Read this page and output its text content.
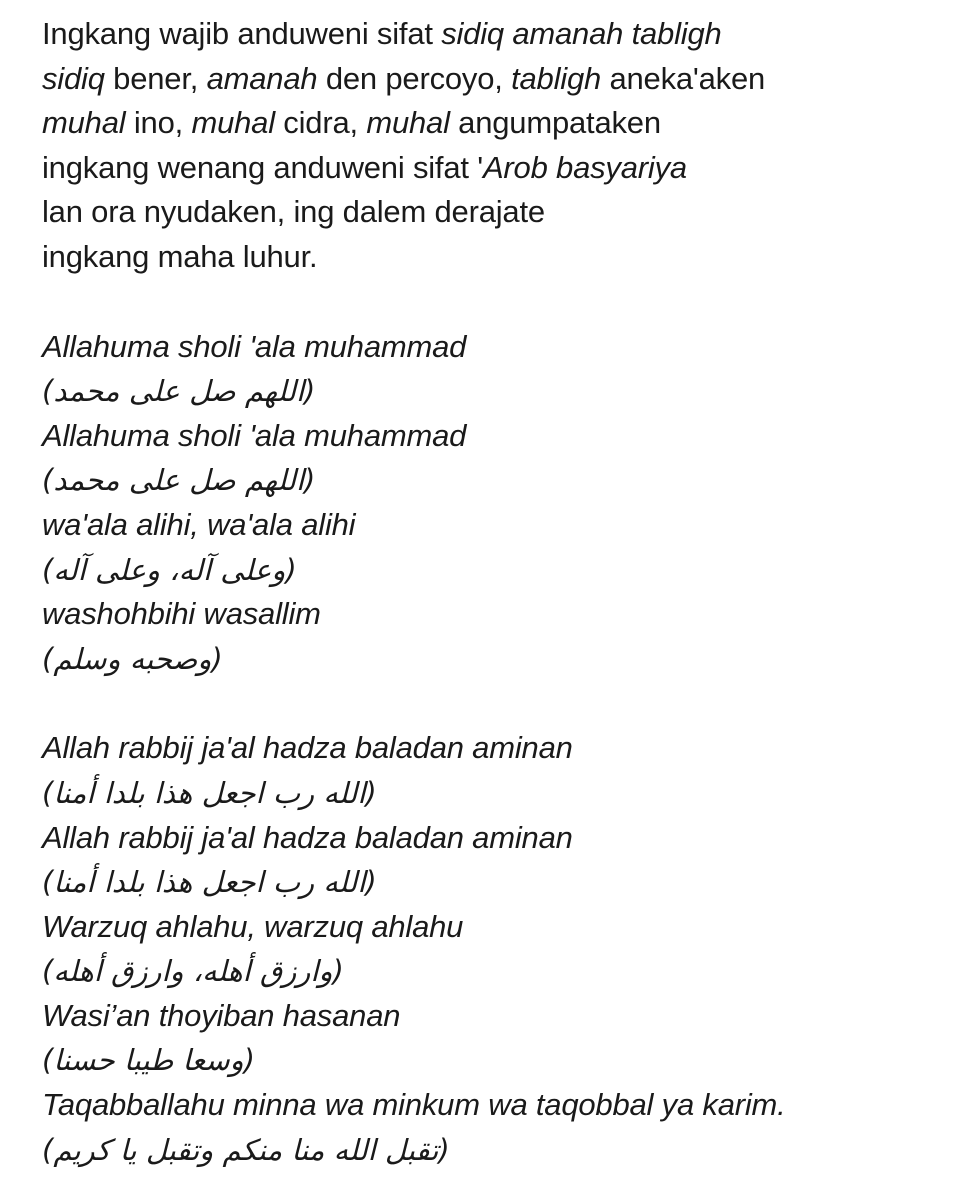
Ingkang wajib anduweni sifat sidiq amanah tabligh
sidiq bener, amanah den percoyo, tabligh aneka'aken
muhal ino, muhal cidra, muhal angumpataken
ingkang wenang anduweni sifat 'Arob basyariya
lan ora nyudaken, ing dalem derajate
ingkang maha luhur.
Allahuma sholi 'ala muhammad
(اللهم صل على محمد)
Allahuma sholi 'ala muhammad
(اللهم صل على محمد)
wa'ala alihi, wa'ala alihi
(وعلى آله، وعلى آله)
washohbihi wasallim
(وصحبه وسلم)
Allah rabbij ja'al hadza baladan aminan
(الله رب اجعل هذا بلدا أمنا)
Allah rabbij ja'al hadza baladan aminan
(الله رب اجعل هذا بلدا أمنا)
Warzuq ahlahu, warzuq ahlahu
(وارزق أهله، وارزق أهله)
Wasi’an thoyiban hasanan
(وسعا طيبا حسنا)
Taqabballahu minna wa minkum wa taqobbal ya karim.
(تقبل الله منا منكم وتقبل يا كريم)
